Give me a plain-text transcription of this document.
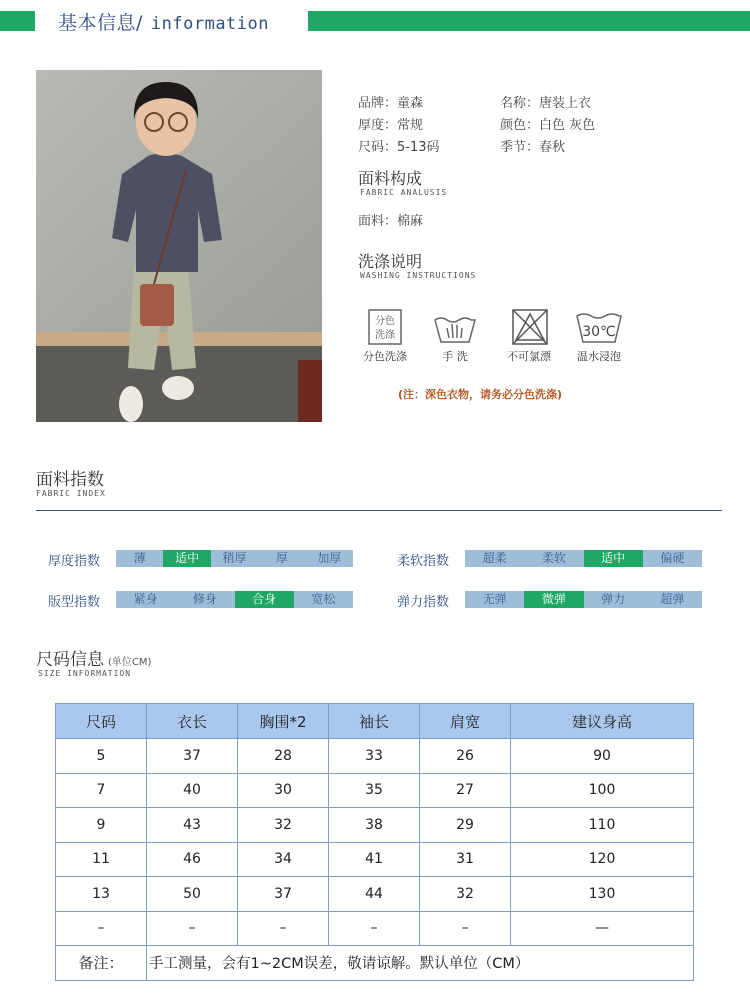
基本信息/ information
品牌：童森	名称：唐装上衣
厚度：常规	颜色：白色 灰色
尺码：5-13码	季节：春秋
面料构成
FABRIC ANALUSIS
面料：棉麻
洗涤说明
WASHING INSTRUCTIONS
分色
洗涤
分色洗涤	手 洗	不可氯漂
30℃
温水浸泡
(注：深色衣物，请务必分色洗涤)
面料指数
FABRIC INDEX
厚度指数	薄	适中	稍厚	厚	加厚	柔软指数	超柔	柔软	适中	偏硬
版型指数	紧身	修身	合身	宽松	弹力指数	无弹	微弹	弹力	超弹
尺码信息 (单位CM)
SIZE INFORMATION
尺码	衣长	胸围*2	袖长	肩宽	建议身高
5	37	28	33	26	90
7	40	30	35	27	100
9	43	32	38	29	110
11	46	34	41	31	120
13	50	37	44	32	130
–	–	–	–	–	—
备注：	手工测量，会有1~2CM误差，敬请谅解。默认单位（CM）				
